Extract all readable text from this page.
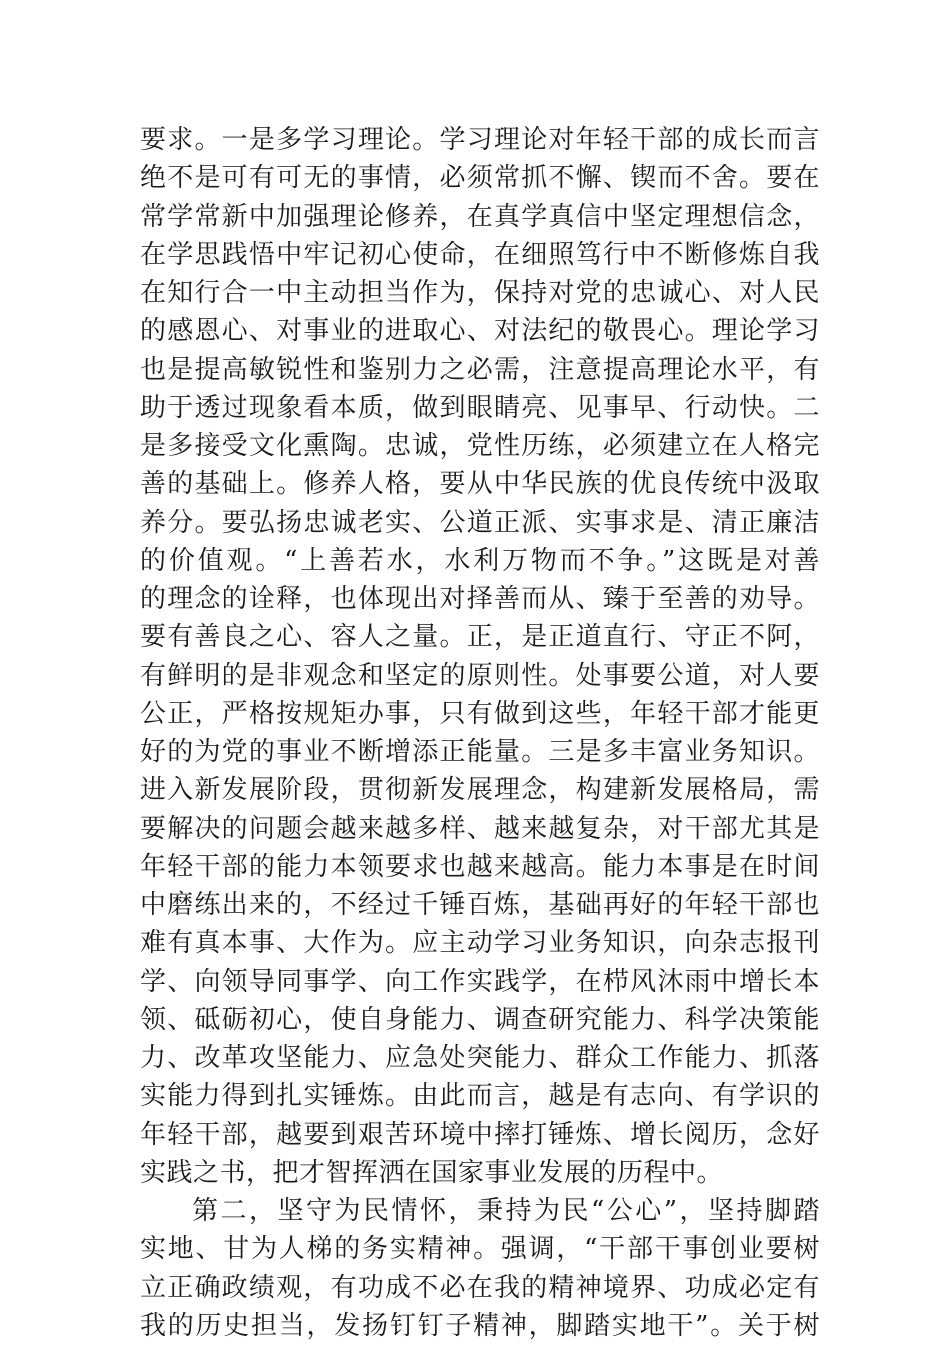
要求。一是多学习理论。学习理论对年轻干部的成长而言
绝不是可有可无的事情，必须常抓不懈、锲而不舍。要在
常学常新中加强理论修养，在真学真信中坚定理想信念，
在学思践悟中牢记初心使命，在细照笃行中不断修炼自我
在知行合一中主动担当作为，保持对党的忠诚心、对人民
的感恩心、对事业的进取心、对法纪的敬畏心。理论学习
也是提高敏锐性和鉴别力之必需，注意提高理论水平，有
助于透过现象看本质，做到眼睛亮、见事早、行动快。二
是多接受文化熏陶。忠诚，党性历练，必须建立在人格完
善的基础上。修养人格，要从中华民族的优良传统中汲取
养分。要弘扬忠诚老实、公道正派、实事求是、清正廉洁
的价值观。“上善若水，水利万物而不争。”这既是对善
的理念的诠释，也体现出对择善而从、臻于至善的劝导。
要有善良之心、容人之量。正，是正道直行、守正不阿，
有鲜明的是非观念和坚定的原则性。处事要公道，对人要
公正，严格按规矩办事，只有做到这些，年轻干部才能更
好的为党的事业不断增添正能量。三是多丰富业务知识。
进入新发展阶段，贯彻新发展理念，构建新发展格局，需
要解决的问题会越来越多样、越来越复杂，对干部尤其是
年轻干部的能力本领要求也越来越高。能力本事是在时间
中磨练出来的，不经过千锤百炼，基础再好的年轻干部也
难有真本事、大作为。应主动学习业务知识，向杂志报刊
学、向领导同事学、向工作实践学，在栉风沐雨中增长本
领、砥砺初心，使自身能力、调查研究能力、科学决策能
力、改革攻坚能力、应急处突能力、群众工作能力、抓落
实能力得到扎实锤炼。由此而言，越是有志向、有学识的
年轻干部，越要到艰苦环境中摔打锤炼、增长阅历，念好
实践之书，把才智挥洒在国家事业发展的历程中。
第二，坚守为民情怀，秉持为民“公心”，坚持脚踏
实地、甘为人梯的务实精神。强调，“干部干事创业要树
立正确政绩观，有功成不必在我的精神境界、功成必定有
我的历史担当，发扬钉钉子精神，脚踏实地干”。关于树
